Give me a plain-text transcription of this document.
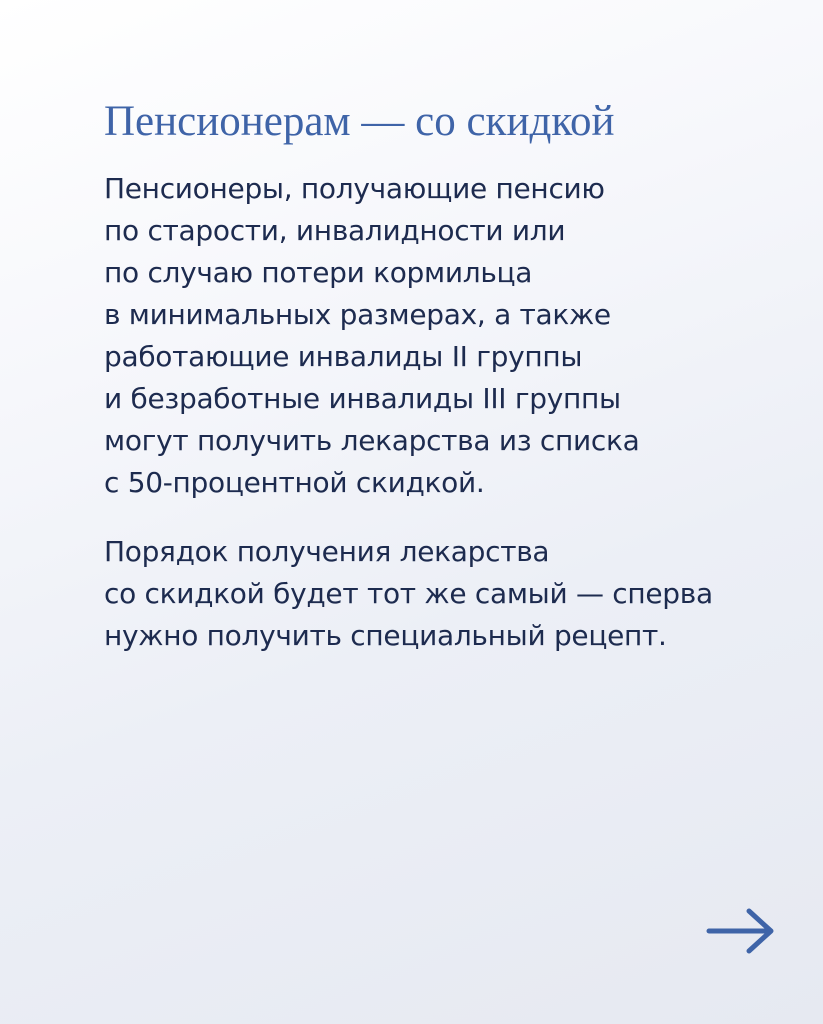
Пенсионерам — со скидкой

Пенсионеры, получающие пенсию
по старости, инвалидности или
по случаю потери кормильца
в минимальных размерах, а также
работающие инвалиды II группы
и безработные инвалиды III группы
могут получить лекарства из списка
с 50-процентной скидкой.

Порядок получения лекарства
со скидкой будет тот же самый — сперва
нужно получить специальный рецепт.
